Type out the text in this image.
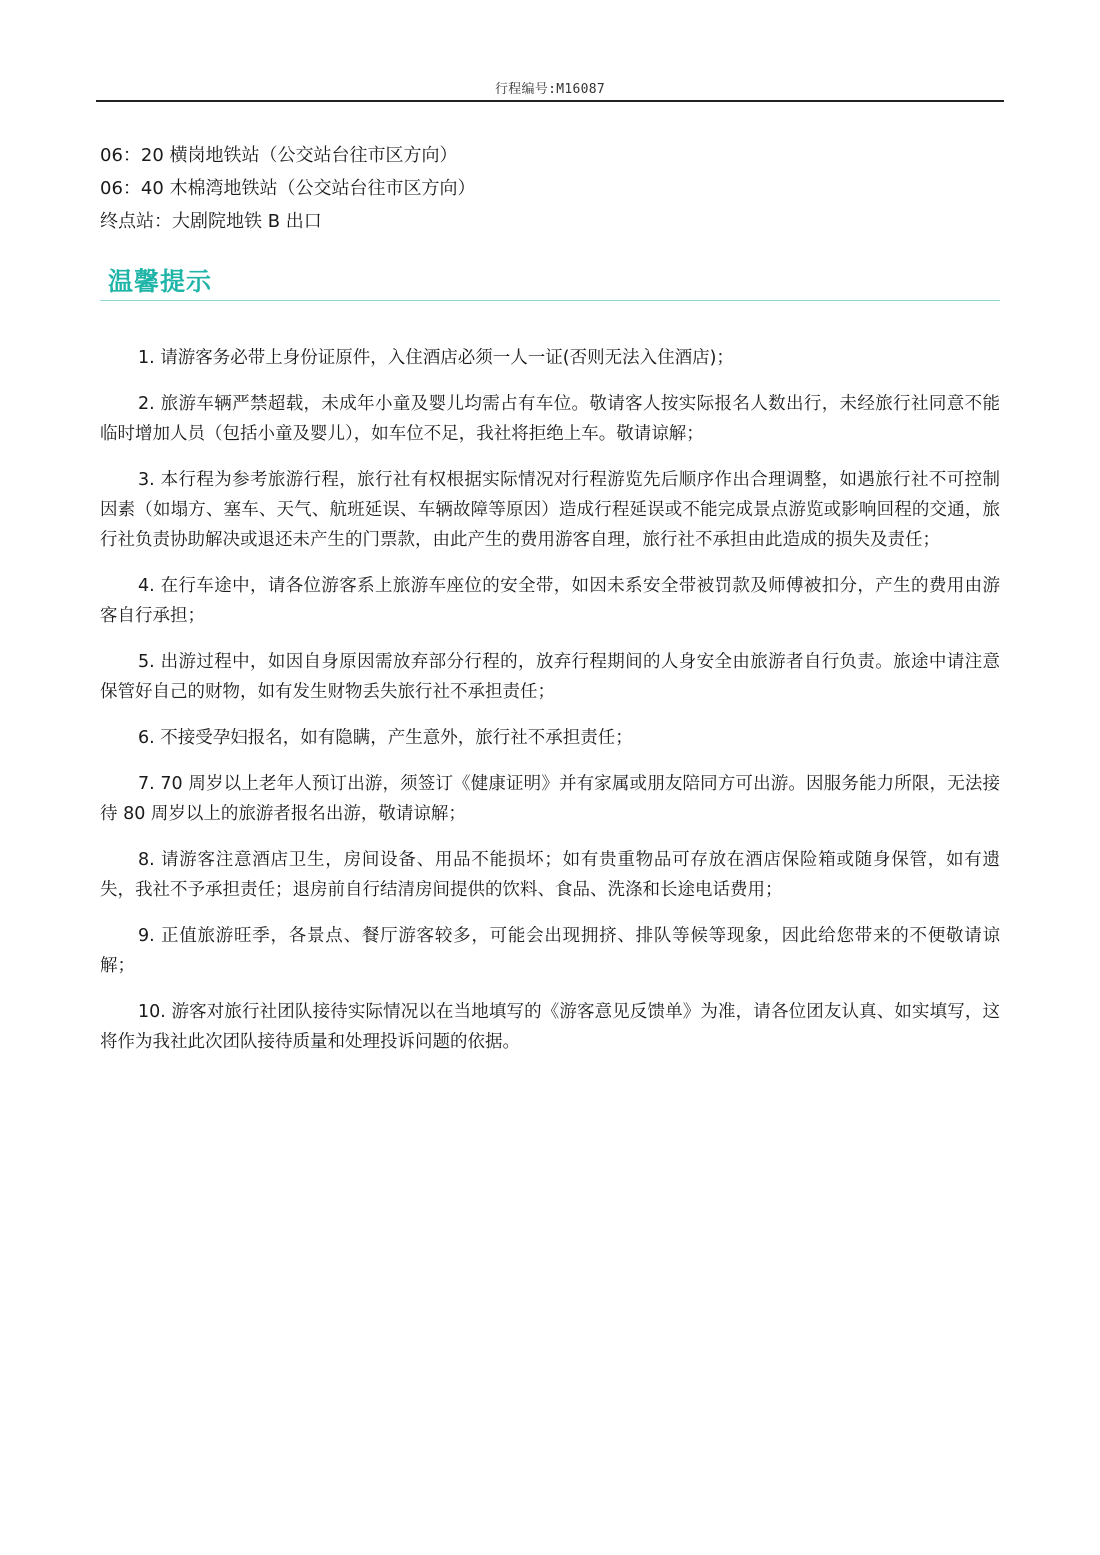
行程编号:M16087
06：20 横岗地铁站（公交站台往市区方向）
06：40 木棉湾地铁站（公交站台往市区方向）
终点站：大剧院地铁 B 出口
温馨提示
1. 请游客务必带上身份证原件，入住酒店必须一人一证(否则无法入住酒店)；
2. 旅游车辆严禁超载，未成年小童及婴儿均需占有车位。敬请客人按实际报名人数出行，未经旅行社同意不能临时增加人员（包括小童及婴儿），如车位不足，我社将拒绝上车。敬请谅解；
3. 本行程为参考旅游行程，旅行社有权根据实际情况对行程游览先后顺序作出合理调整，如遇旅行社不可控制因素（如塌方、塞车、天气、航班延误、车辆故障等原因）造成行程延误或不能完成景点游览或影响回程的交通，旅行社负责协助解决或退还未产生的门票款，由此产生的费用游客自理，旅行社不承担由此造成的损失及责任；
4. 在行车途中，请各位游客系上旅游车座位的安全带，如因未系安全带被罚款及师傅被扣分，产生的费用由游客自行承担；
5. 出游过程中，如因自身原因需放弃部分行程的，放弃行程期间的人身安全由旅游者自行负责。旅途中请注意保管好自己的财物，如有发生财物丢失旅行社不承担责任；
6. 不接受孕妇报名，如有隐瞒，产生意外，旅行社不承担责任；
7. 70 周岁以上老年人预订出游，须签订《健康证明》并有家属或朋友陪同方可出游。因服务能力所限，无法接待 80 周岁以上的旅游者报名出游，敬请谅解；
8. 请游客注意酒店卫生，房间设备、用品不能损坏；如有贵重物品可存放在酒店保险箱或随身保管，如有遗失，我社不予承担责任；退房前自行结清房间提供的饮料、食品、洗涤和长途电话费用；
9. 正值旅游旺季，各景点、餐厅游客较多，可能会出现拥挤、排队等候等现象，因此给您带来的不便敬请谅解；
10. 游客对旅行社团队接待实际情况以在当地填写的《游客意见反馈单》为准，请各位团友认真、如实填写，这将作为我社此次团队接待质量和处理投诉问题的依据。
